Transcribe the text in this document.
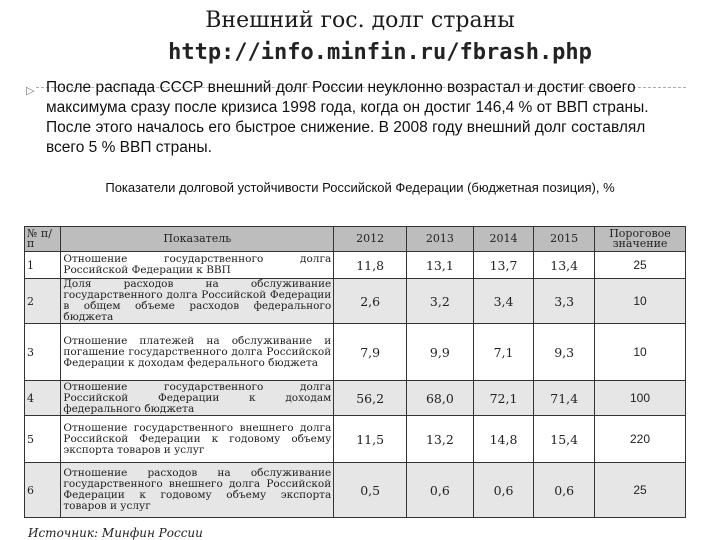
Внешний гос. долг страны
http://info.minfin.ru/fbrash.php
▷ После распада СССР внешний долг России неуклонно возрастал и достиг своего максимума сразу после кризиса 1998 года, когда он достиг 146,4 % от ВВП страны. После этого началось его быстрое снижение. В 2008 году внешний долг составлял всего 5 % ВВП страны.
Показатели долговой устойчивости Российской Федерации (бюджетная позиция), %
№ п/п	Показатель	2012	2013	2014	2015	Пороговое значение
1	Отношение государственного долга Российской Федерации к ВВП	11,8	13,1	13,7	13,4	25
2	Доля расходов на обслуживание государственного долга Российской Федерации в общем объеме расходов федерального бюджета	2,6	3,2	3,4	3,3	10
3	Отношение платежей на обслуживание и погашение государственного долга Российской Федерации к доходам федерального бюджета	7,9	9,9	7,1	9,3	10
4	Отношение государственного долга Российской Федерации к доходам федерального бюджета	56,2	68,0	72,1	71,4	100
5	Отношение государственного внешнего долга Российской Федерации к годовому объему экспорта товаров и услуг	11,5	13,2	14,8	15,4	220
6	Отношение расходов на обслуживание государственного внешнего долга Российской Федерации к годовому объему экспорта товаров и услуг	0,5	0,6	0,6	0,6	25
Источник: Минфин России
